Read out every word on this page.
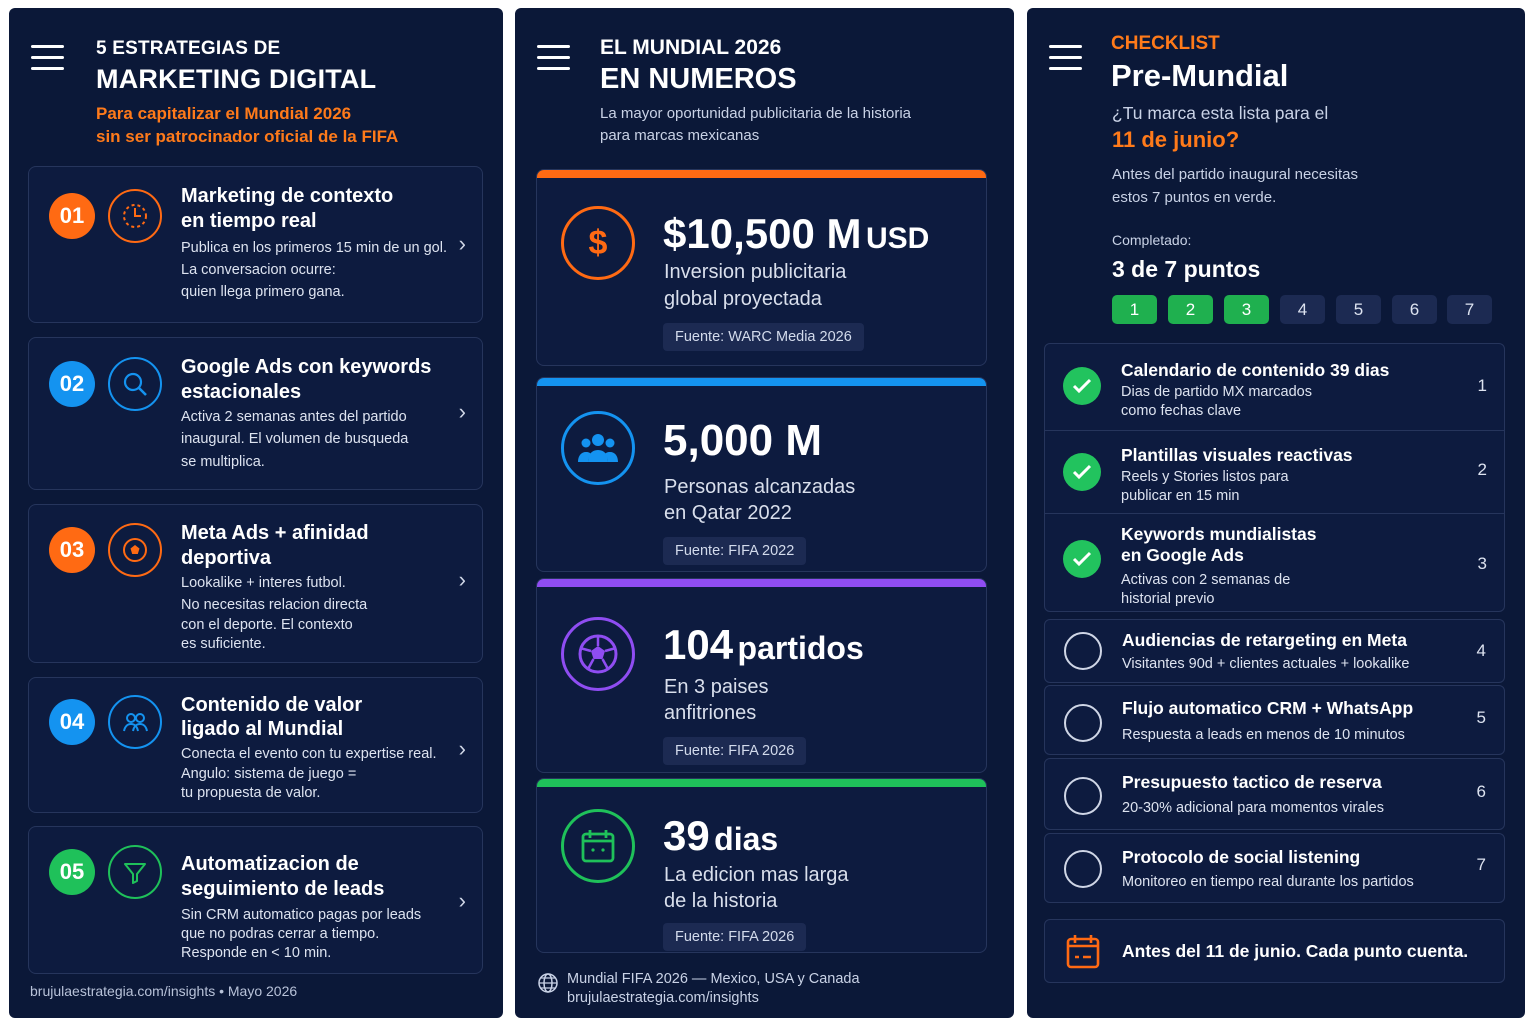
5 ESTRATEGIAS DE
MARKETING DIGITAL
Para capitalizar el Mundial 2026
sin ser patrocinador oficial de la FIFA
01
Marketing de contexto
en tiempo real
Publica en los primeros 15 min de un gol.
La conversacion ocurre:
quien llega primero gana.
›
02
Google Ads con keywords
estacionales
Activa 2 semanas antes del partido
inaugural. El volumen de busqueda
se multiplica.
›
03
Meta Ads + afinidad
deportiva
Lookalike + interes futbol.
No necesitas relacion directa
con el deporte. El contexto
es suficiente.
›
04
Contenido de valor
ligado al Mundial
Conecta el evento con tu expertise real.
Angulo: sistema de juego =
tu propuesta de valor.
›
05	Automatizacion de
seguimiento de leads
Sin CRM automatico pagas por leads
que no podras cerrar a tiempo.
Responde en < 10 min.
›
brujulaestrategia.com/insights • Mayo 2026
EL MUNDIAL 2026
EN NUMEROS
La mayor oportunidad publicitaria de la historia
para marcas mexicanas
$ $10,500 M USD
Inversion publicitaria
global proyectada
Fuente: WARC Media 2026
5,000 M
Personas alcanzadas
en Qatar 2022
Fuente: FIFA 2022
104 partidos
En 3 paises
anfitriones
Fuente: FIFA 2026
39 dias
La edicion mas larga
de la historia
Fuente: FIFA 2026
Mundial FIFA 2026 — Mexico, USA y Canada
brujulaestrategia.com/insights
CHECKLIST
Pre-Mundial
¿Tu marca esta lista para el
11 de junio?
Antes del partido inaugural necesitas
estos 7 puntos en verde.
Completado:
3 de 7 puntos
1	2	3	4	5	6	7
Calendario de contenido 39 dias
Dias de partido MX marcados
como fechas clave
1
Plantillas visuales reactivas
Reels y Stories listos para
publicar en 15 min
2
Keywords mundialistas
en Google Ads
Activas con 2 semanas de
historial previo
3
Audiencias de retargeting en Meta
Visitantes 90d + clientes actuales + lookalike
4
Flujo automatico CRM + WhatsApp
Respuesta a leads en menos de 10 minutos
5
Presupuesto tactico de reserva
20-30% adicional para momentos virales
6
Protocolo de social listening
Monitoreo en tiempo real durante los partidos
7
Antes del 11 de junio. Cada punto cuenta.
